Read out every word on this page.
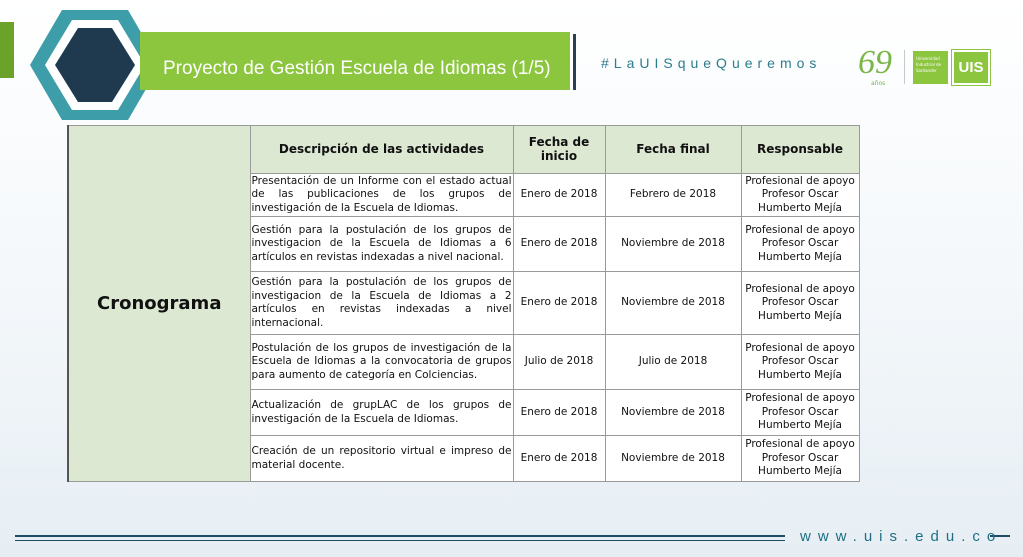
Proyecto de Gestión Escuela de Idiomas (1/5)	#LaUISqueQueremos 69
años
Universidad Industrial de Santander	UIS
Cronograma	Descripción de las actividades	Fecha de inicio	Fecha final	Responsable
	Presentación de un Informe con el estado actual de las publicaciones de los grupos de investigación de la Escuela de Idiomas.	Enero de 2018	Febrero de 2018	Profesional de apoyo Profesor Oscar Humberto Mejía
	Gestión para la postulación de los grupos de investigacion de la Escuela de Idiomas a 6 artículos en revistas indexadas a nivel nacional.	Enero de 2018	Noviembre de 2018	Profesional de apoyo Profesor Oscar Humberto Mejía
	Gestión para la postulación de los grupos de investigacion de la Escuela de Idiomas a 2 artículos en revistas indexadas a nivel internacional.	Enero de 2018	Noviembre de 2018	Profesional de apoyo Profesor Oscar Humberto Mejía
	Postulación de los grupos de investigación de la Escuela de Idiomas a la convocatoria de grupos para aumento de categoría en Colciencias.	Julio de 2018	Julio de 2018	Profesional de apoyo Profesor Oscar Humberto Mejía
	Actualización de grupLAC de los grupos de investigación de la Escuela de Idiomas.	Enero de 2018	Noviembre de 2018	Profesional de apoyo Profesor Oscar Humberto Mejía
	Creación de un repositorio virtual e impreso de material docente.	Enero de 2018	Noviembre de 2018	Profesional de apoyo Profesor Oscar Humberto Mejía
www.uis.edu.co
